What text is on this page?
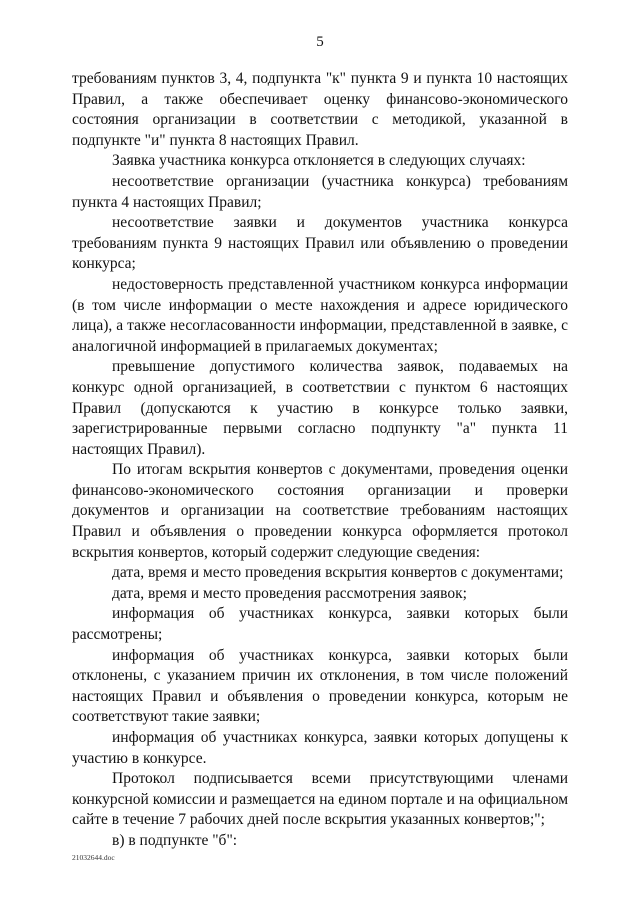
5

требованиям пунктов 3, 4, подпункта "к" пункта 9 и пункта 10 настоящих Правил, а также обеспечивает оценку финансово-экономического состояния организации в соответствии с методикой, указанной в подпункте "и" пункта 8 настоящих Правил.

Заявка участника конкурса отклоняется в следующих случаях:

несоответствие организации (участника конкурса) требованиям пункта 4 настоящих Правил;

несоответствие заявки и документов участника конкурса требованиям пункта 9 настоящих Правил или объявлению о проведении конкурса;

недостоверность представленной участником конкурса информации (в том числе информации о месте нахождения и адресе юридического лица), а также несогласованности информации, представленной в заявке, с аналогичной информацией в прилагаемых документах;

превышение допустимого количества заявок, подаваемых на конкурс одной организацией, в соответствии с пунктом 6 настоящих Правил (допускаются к участию в конкурсе только заявки, зарегистрированные первыми согласно подпункту "а" пункта 11 настоящих Правил).

По итогам вскрытия конвертов с документами, проведения оценки финансово-экономического состояния организации и проверки документов и организации на соответствие требованиям настоящих Правил и объявления о проведении конкурса оформляется протокол вскрытия конвертов, который содержит следующие сведения:

дата, время и место проведения вскрытия конвертов с документами;

дата, время и место проведения рассмотрения заявок;

информация об участниках конкурса, заявки которых были рассмотрены;

информация об участниках конкурса, заявки которых были отклонены, с указанием причин их отклонения, в том числе положений настоящих Правил и объявления о проведении конкурса, которым не соответствуют такие заявки;

информация об участниках конкурса, заявки которых допущены к участию в конкурсе.

Протокол подписывается всеми присутствующими членами конкурсной комиссии и размещается на едином портале и на официальном сайте в течение 7 рабочих дней после вскрытия указанных конвертов;";

в) в подпункте "б":

21032644.doc
